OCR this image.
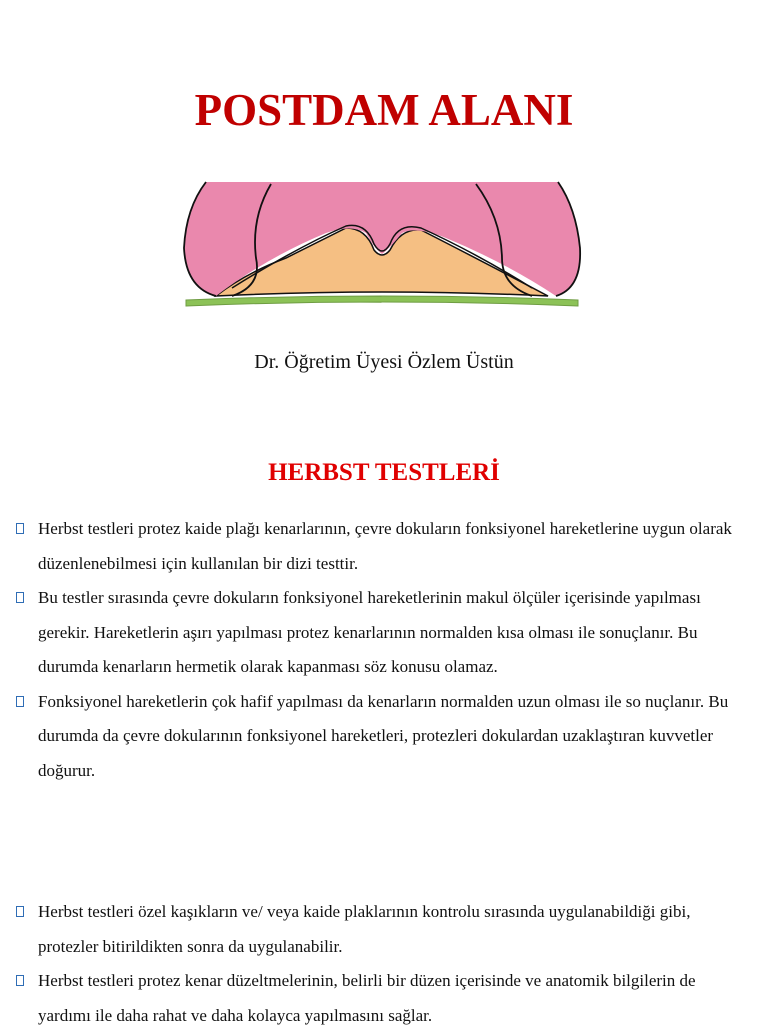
POSTDAM ALANI
Dr. Öğretim Üyesi Özlem Üstün
HERBST TESTLERİ
Herbst testleri protez kaide plağı kenarlarının, çevre dokuların fonksiyonel hareketlerine uygun olarak düzenlenebilmesi için kullanılan bir dizi testtir.
Bu testler sırasında çevre dokuların fonksiyonel hareketlerinin makul ölçüler içerisinde yapılması gerekir. Hareketlerin aşırı yapılması protez kenarlarının normalden kısa olması ile sonuçlanır. Bu durumda kenarların hermetik olarak kapanması söz konusu olamaz.
Fonksiyonel hareketlerin çok hafif yapılması da kenarların normalden uzun olması ile so nuçlanır. Bu durumda da çevre dokularının fonksiyonel hareketleri, protezleri dokulardan uzaklaştıran kuvvetler doğurur.
Herbst testleri özel kaşıkların ve/ veya kaide plaklarının kontrolu sırasında uygulanabildiği gibi, protezler bitirildikten sonra da uygulanabilir.
Herbst testleri protez kenar düzeltmelerinin, belirli bir düzen içerisinde ve anatomik bilgilerin de yardımı ile daha rahat ve daha kolayca yapılmasını sağlar.
